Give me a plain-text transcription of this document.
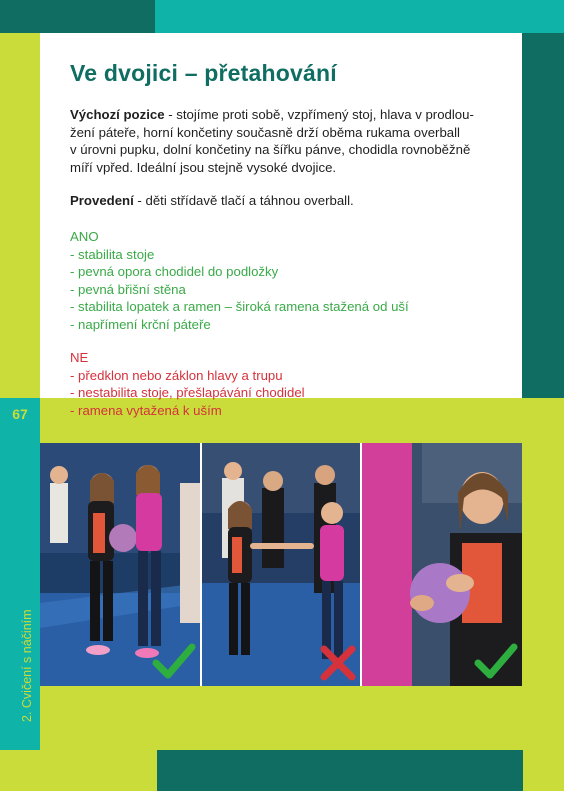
67
2. Cvičení s náčiním
Ve dvojici – přetahování
Výchozí pozice - stojíme proti sobě, vzpřímený stoj, hlava v prodlou-
žení páteře, horní končetiny současně drží oběma rukama overball
v úrovni pupku, dolní končetiny na šířku pánve, chodidla rovnoběžně
míří vpřed. Ideální jsou stejně vysoké dvojice.
Provedení - děti střídavě tlačí a táhnou overball.
ANO
- stabilita stoje
- pevná opora chodidel do podložky
- pevná břišní stěna
- stabilita lopatek a ramen – široká ramena stažená od uší
- napřímení krční páteře
NE
- předklon nebo záklon hlavy a trupu
- nestabilita stoje, přešlapávání chodidel
- ramena vytažená k uším
